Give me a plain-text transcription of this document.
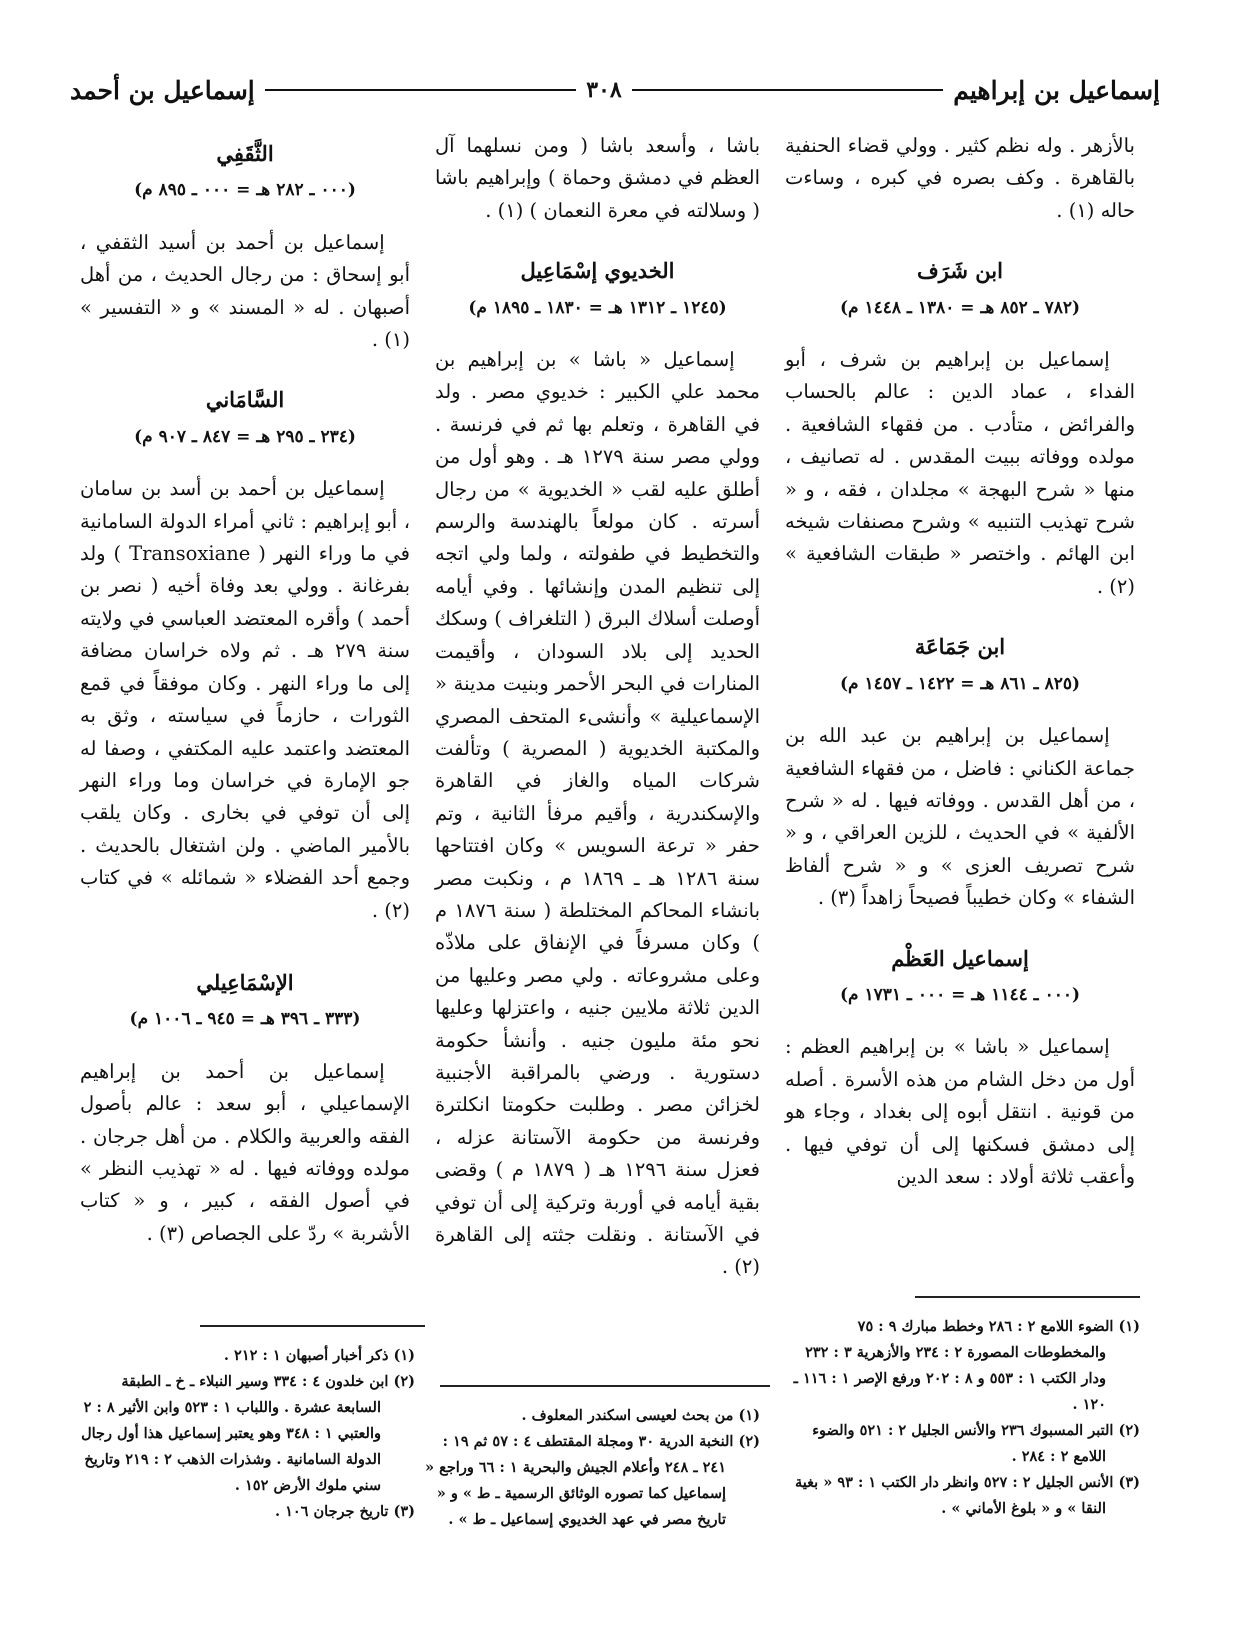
إسماعيل بن إبراهيم
٣٠٨
إسماعيل بن أحمد

بالأزهر . وله نظم كثير . وولي قضاء الحنفية بالقاهرة . وكف بصره في كبره ، وساءت حاله (١) .

ابن شَرَف
(٧٨٢ ـ ٨٥٢ هـ = ١٣٨٠ ـ ١٤٤٨ م)

إسماعيل بن إبراهيم بن شرف ، أبو الفداء ، عماد الدين : عالم بالحساب والفرائض ، متأدب . من فقهاء الشافعية . مولده ووفاته ببيت المقدس . له تصانيف ، منها « شرح البهجة » مجلدان ، فقه ، و « شرح تهذيب التنبيه » وشرح مصنفات شيخه ابن الهائم . واختصر « طبقات الشافعية » (٢) .

ابن جَمَاعَة
(٨٢٥ ـ ٨٦١ هـ = ١٤٢٢ ـ ١٤٥٧ م)

إسماعيل بن إبراهيم بن عبد الله بن جماعة الكناني : فاضل ، من فقهاء الشافعية ، من أهل القدس . ووفاته فيها . له « شرح الألفية » في الحديث ، للزين العراقي ، و « شرح تصريف العزى » و « شرح ألفاظ الشفاء » وكان خطيباً فصيحاً زاهداً (٣) .

إسماعيل العَظْم
(٠٠٠ ـ ١١٤٤ هـ = ٠٠٠ ـ ١٧٣١ م)

إسماعيل « باشا » بن إبراهيم العظم : أول من دخل الشام من هذه الأسرة . أصله من قونية . انتقل أبوه إلى بغداد ، وجاء هو إلى دمشق فسكنها إلى أن توفي فيها . وأعقب ثلاثة أولاد : سعد الدين

باشا ، وأسعد باشا ( ومن نسلهما آل العظم في دمشق وحماة ) وإبراهيم باشا ( وسلالته في معرة النعمان ) (١) .

الخديوي إسْمَاعِيل
(١٢٤٥ ـ ١٣١٢ هـ = ١٨٣٠ ـ ١٨٩٥ م)

إسماعيل « باشا » بن إبراهيم بن محمد علي الكبير : خديوي مصر . ولد في القاهرة ، وتعلم بها ثم في فرنسة . وولي مصر سنة ١٢٧٩ هـ . وهو أول من أطلق عليه لقب « الخديوية » من رجال أسرته . كان مولعاً بالهندسة والرسم والتخطيط في طفولته ، ولما ولي اتجه إلى تنظيم المدن وإنشائها . وفي أيامه أوصلت أسلاك البرق ( التلغراف ) وسكك الحديد إلى بلاد السودان ، وأقيمت المنارات في البحر الأحمر وبنيت مدينة « الإسماعيلية » وأنشىء المتحف المصري والمكتبة الخديوية ( المصرية ) وتألفت شركات المياه والغاز في القاهرة والإسكندرية ، وأقيم مرفأ الثانية ، وتم حفر « ترعة السويس » وكان افتتاحها سنة ١٢٨٦ هـ ـ ١٨٦٩ م ، ونكبت مصر بانشاء المحاكم المختلطة ( سنة ١٨٧٦ م ) وكان مسرفاً في الإنفاق على ملاذّه وعلى مشروعاته . ولي مصر وعليها من الدين ثلاثة ملايين جنيه ، واعتزلها وعليها نحو مئة مليون جنيه . وأنشأ حكومة دستورية . ورضي بالمراقبة الأجنبية لخزائن مصر . وطلبت حكومتا انكلترة وفرنسة من حكومة الآستانة عزله ، فعزل سنة ١٢٩٦ هـ ( ١٨٧٩ م ) وقضى بقية أيامه في أوربة وتركية إلى أن توفي في الآستانة . ونقلت جثته إلى القاهرة (٢) .

الثَّقَفِي
(٠٠٠ ـ ٢٨٢ هـ = ٠٠٠ ـ ٨٩٥ م)

إسماعيل بن أحمد بن أسيد الثقفي ، أبو إسحاق : من رجال الحديث ، من أهل أصبهان . له « المسند » و « التفسير » (١) .

السَّامَاني
(٢٣٤ ـ ٢٩٥ هـ = ٨٤٧ ـ ٩٠٧ م)

إسماعيل بن أحمد بن أسد بن سامان ، أبو إبراهيم : ثاني أمراء الدولة السامانية في ما وراء النهر ( Transoxiane ) ولد بفرغانة . وولي بعد وفاة أخيه ( نصر بن أحمد ) وأقره المعتضد العباسي في ولايته سنة ٢٧٩ هـ . ثم ولاه خراسان مضافة إلى ما وراء النهر . وكان موفقاً في قمع الثورات ، حازماً في سياسته ، وثق به المعتضد واعتمد عليه المكتفي ، وصفا له جو الإمارة في خراسان وما وراء النهر إلى أن توفي في بخارى . وكان يلقب بالأمير الماضي . ولن اشتغال بالحديث . وجمع أحد الفضلاء « شمائله » في كتاب (٢) .

الإسْمَاعِيلي
(٣٣٣ ـ ٣٩٦ هـ = ٩٤٥ ـ ١٠٠٦ م)

إسماعيل بن أحمد بن إبراهيم الإسماعيلي ، أبو سعد : عالم بأصول الفقه والعربية والكلام . من أهل جرجان . مولده ووفاته فيها . له « تهذيب النظر » في أصول الفقه ، كبير ، و « كتاب الأشربة » ردّ على الجصاص (٣) .

(١) الضوء اللامع ٢ : ٢٨٦ وخطط مبارك ٩ : ٧٥ والمخطوطات المصورة ٢ : ٢٣٤ والأزهرية ٣ : ٢٣٢ ودار الكتب ١ : ٥٥٣ و ٨ : ٢٠٢ ورفع الإصر ١ : ١١٦ ـ ١٢٠ .
(٢) التبر المسبوك ٢٣٦ والأنس الجليل ٢ : ٥٢١ والضوء اللامع ٢ : ٢٨٤ .
(٣) الأنس الجليل ٢ : ٥٢٧ وانظر دار الكتب ١ : ٩٣ « بغية النقا » و « بلوغ الأماني » .
(١) من بحث لعيسى اسكندر المعلوف .
(٢) النخبة الدرية ٣٠ ومجلة المقتطف ٤ : ٥٧ ثم ١٩ : ٢٤١ ـ ٢٤٨ وأعلام الجيش والبحرية ١ : ٦٦ وراجع « إسماعيل كما تصوره الوثائق الرسمية ـ ط » و « تاريخ مصر في عهد الخديوي إسماعيل ـ ط » .
(١) ذكر أخبار أصبهان ١ : ٢١٢ .
(٢) ابن خلدون ٤ : ٣٣٤ وسير النبلاء ـ خ ـ الطبقة السابعة عشرة . واللباب ١ : ٥٢٣ وابن الأثير ٨ : ٢ والعتبي ١ : ٣٤٨ وهو يعتبر إسماعيل هذا أول رجال الدولة السامانية . وشذرات الذهب ٢ : ٢١٩ وتاريخ سني ملوك الأرض ١٥٢ .
(٣) تاريخ جرجان ١٠٦ .
